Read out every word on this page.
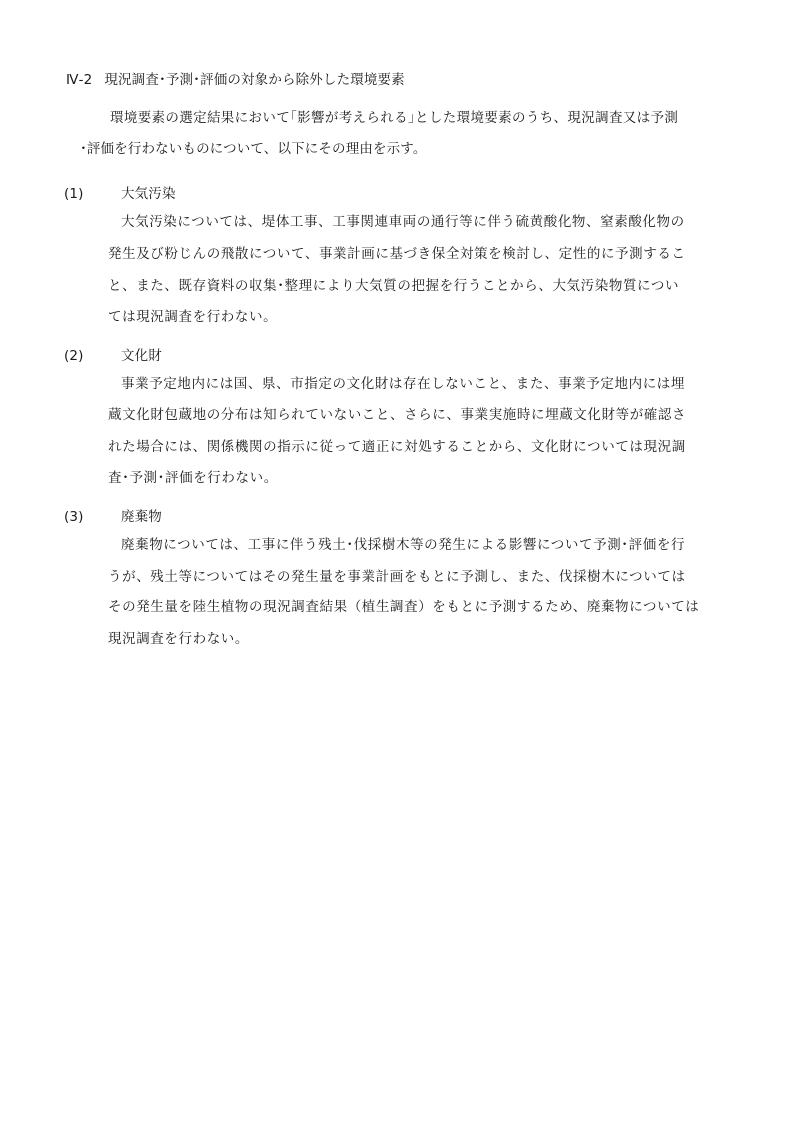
Ⅳ-2 現況調査･予測･評価の対象から除外した環境要素
環境要素の選定結果において｢影響が考えられる｣とした環境要素のうち、現況調査又は予測
･評価を行わないものについて、以下にその理由を示す。
(1)	大気汚染
大気汚染については、堤体工事、工事関連車両の通行等に伴う硫黄酸化物、窒素酸化物の
発生及び粉じんの飛散について、事業計画に基づき保全対策を検討し、定性的に予測するこ
と、また、既存資料の収集･整理により大気質の把握を行うことから、大気汚染物質につい
ては現況調査を行わない。
(2)	文化財
事業予定地内には国、県、市指定の文化財は存在しないこと、また、事業予定地内には埋
蔵文化財包蔵地の分布は知られていないこと、さらに、事業実施時に埋蔵文化財等が確認さ
れた場合には、関係機関の指示に従って適正に対処することから、文化財については現況調
査･予測･評価を行わない。
(3)	廃棄物
廃棄物については、工事に伴う残土･伐採樹木等の発生による影響について予測･評価を行
うが、残土等についてはその発生量を事業計画をもとに予測し、また、伐採樹木については
その発生量を陸生植物の現況調査結果（植生調査）をもとに予測するため、廃棄物については
現況調査を行わない。
